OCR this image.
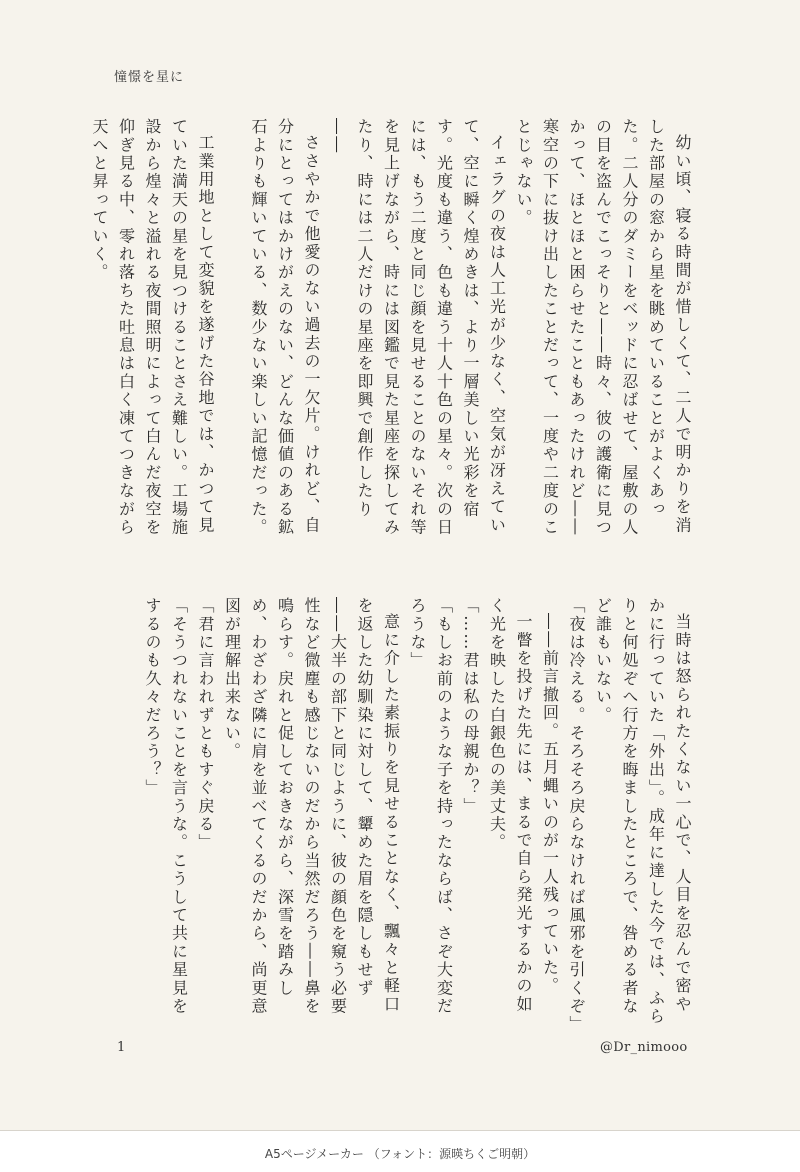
憧憬を星に

幼い頃、寝る時間が惜しくて、二人で明かりを消した部屋の窓から星を眺めていることがよくあった。二人分のダミーをベッドに忍ばせて、屋敷の人の目を盗んでこっそりと――時々、彼の護衛に見つかって、ほとほと困らせたこともあったけれど――寒空の下に抜け出したことだって、一度や二度のことじゃない。

イェラグの夜は人工光が少なく、空気が冴えていて、空に瞬く煌めきは、より一層美しい光彩を宿す。光度も違う、色も違う十人十色の星々。次の日には、もう二度と同じ顔を見せることのないそれ等を見上げながら、時には図鑑で見た星座を探してみたり、時には二人だけの星座を即興で創作したり――

ささやかで他愛のない過去の一欠片。けれど、自分にとってはかけがえのない、どんな価値のある鉱石よりも輝いている、数少ない楽しい記憶だった。

工業用地として変貌を遂げた谷地では、かつて見ていた満天の星を見つけることさえ難しい。工場施設から煌々と溢れる夜間照明によって白んだ夜空を仰ぎ見る中、零れ落ちた吐息は白く凍てつきながら天へと昇っていく。

当時は怒られたくない一心で、人目を忍んで密やかに行っていた「外出」。成年に達した今では、ふらりと何処ぞへ行方を晦ましたところで、咎める者など誰もいない。

「夜は冷える。そろそろ戻らなければ風邪を引くぞ」

――前言撤回。五月蝿いのが一人残っていた。

一瞥を投げた先には、まるで自ら発光するかの如く光を映した白銀色の美丈夫。

「……君は私の母親か？」

「もしお前のような子を持ったならば、さぞ大変だろうな」

意に介した素振りを見せることなく、飄々と軽口を返した幼馴染に対して、顰めた眉を隠しもせず――大半の部下と同じように、彼の顔色を窺う必要性など微塵も感じないのだから当然だろう――鼻を鳴らす。戻れと促しておきながら、深雪を踏みしめ、わざわざ隣に肩を並べてくるのだから、尚更意図が理解出来ない。

「君に言われずともすぐ戻る」

「そうつれないことを言うな。こうして共に星見をするのも久々だろう？」

1	@Dr_nimooo
A5ページメーカー （フォント：源暎ちくご明朝）
